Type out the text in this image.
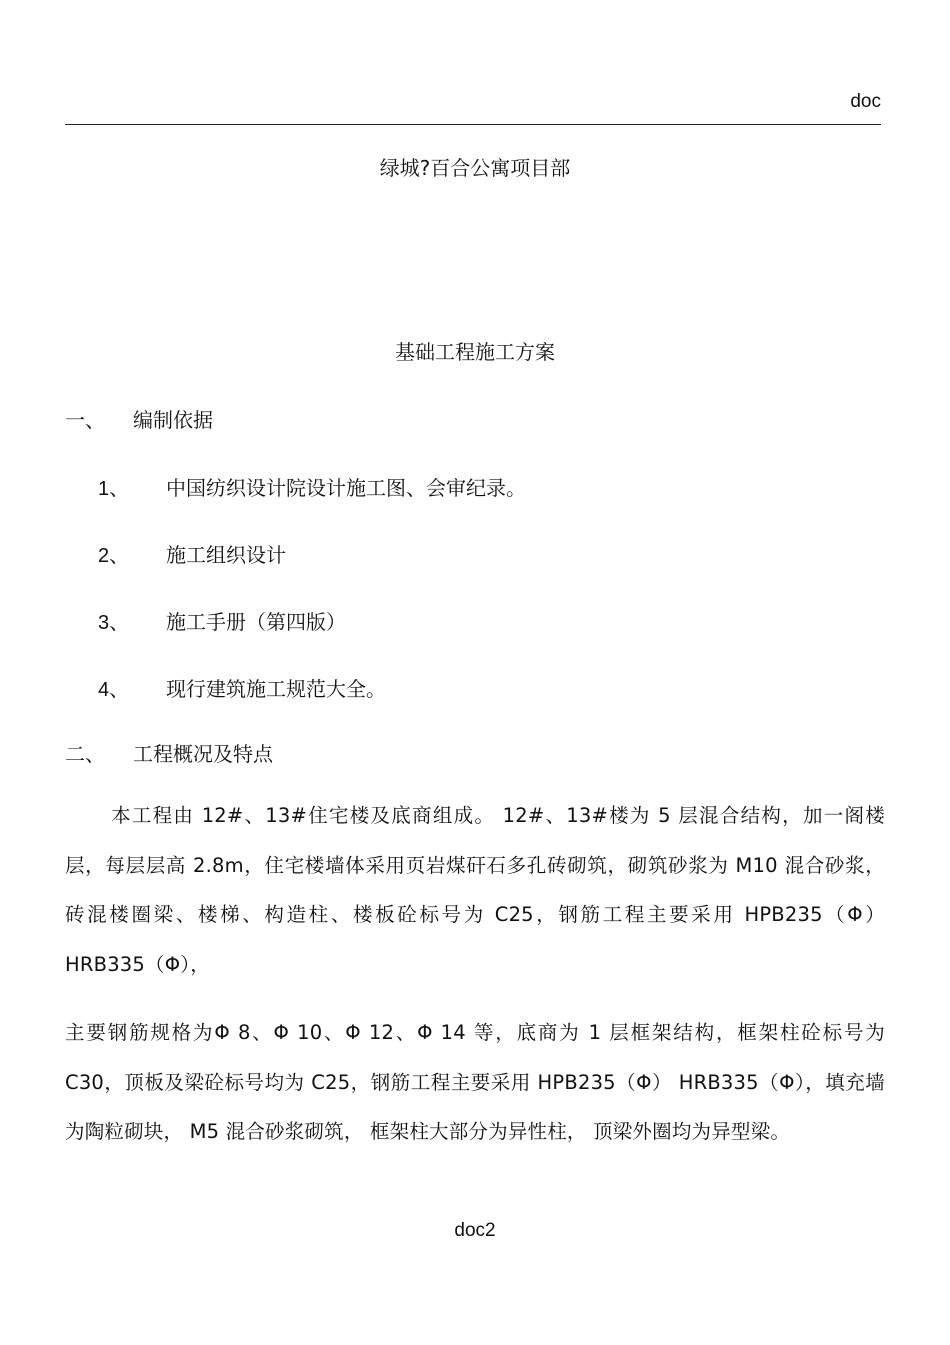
doc
绿城?百合公寓项目部
基础工程施工方案
一、 编制依据
1、 中国纺织设计院设计施工图、会审纪录。
2、 施工组织设计
3、 施工手册（第四版）
4、 现行建筑施工规范大全。
二、 工程概况及特点
本工程由 12#、13#住宅楼及底商组成。 12#、13#楼为 5 层混合结构，加一阁楼层，每层层高 2.8m，住宅楼墙体采用页岩煤矸石多孔砖砌筑，砌筑砂浆为 M10 混合砂浆，砖混楼圈梁、楼梯、构造柱、楼板砼标号为 C25，钢筋工程主要采用 HPB235（Φ） HRB335（Φ），
主要钢筋规格为Φ 8、Φ 10、Φ 12、Φ 14 等，底商为 1 层框架结构，框架柱砼标号为 C30，顶板及梁砼标号均为 C25，钢筋工程主要采用 HPB235（Φ） HRB335（Φ），填充墙为陶粒砌块， M5 混合砂浆砌筑， 框架柱大部分为异性柱， 顶梁外圈均为异型梁。
doc2
